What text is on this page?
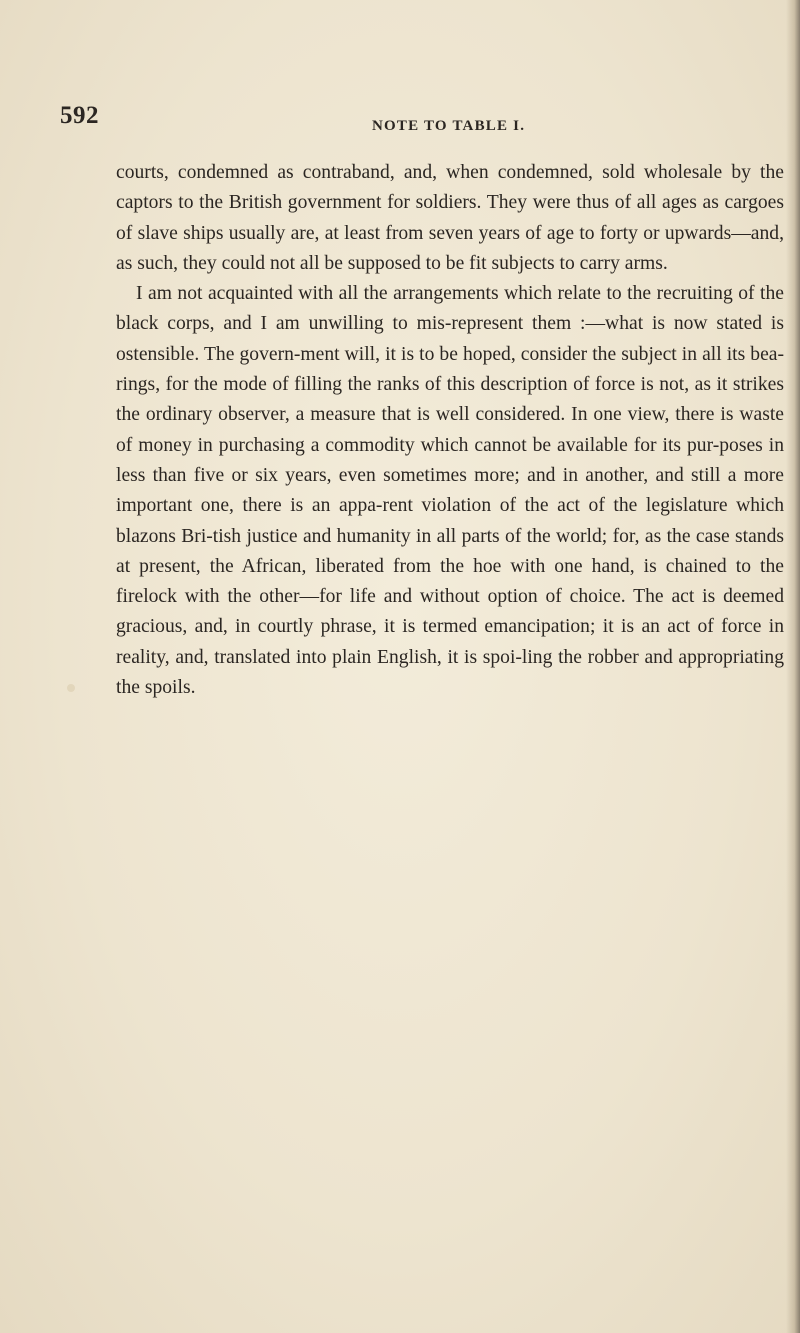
592	NOTE TO TABLE I.

courts, condemned as contraband, and, when condemned, sold wholesale by the captors to the British government for soldiers. They were thus of all ages as cargoes of slave ships usually are, at least from seven years of age to forty or upwards—and, as such, they could not all be supposed to be fit subjects to carry arms.

I am not acquainted with all the arrangements which relate to the recruiting of the black corps, and I am unwilling to mis-represent them :—what is now stated is ostensible. The govern-ment will, it is to be hoped, consider the subject in all its bea-rings, for the mode of filling the ranks of this description of force is not, as it strikes the ordinary observer, a measure that is well considered. In one view, there is waste of money in purchasing a commodity which cannot be available for its pur-poses in less than five or six years, even sometimes more; and in another, and still a more important one, there is an appa-rent violation of the act of the legislature which blazons Bri-tish justice and humanity in all parts of the world; for, as the case stands at present, the African, liberated from the hoe with one hand, is chained to the firelock with the other—for life and without option of choice. The act is deemed gracious, and, in courtly phrase, it is termed emancipation; it is an act of force in reality, and, translated into plain English, it is spoi-ling the robber and appropriating the spoils.
